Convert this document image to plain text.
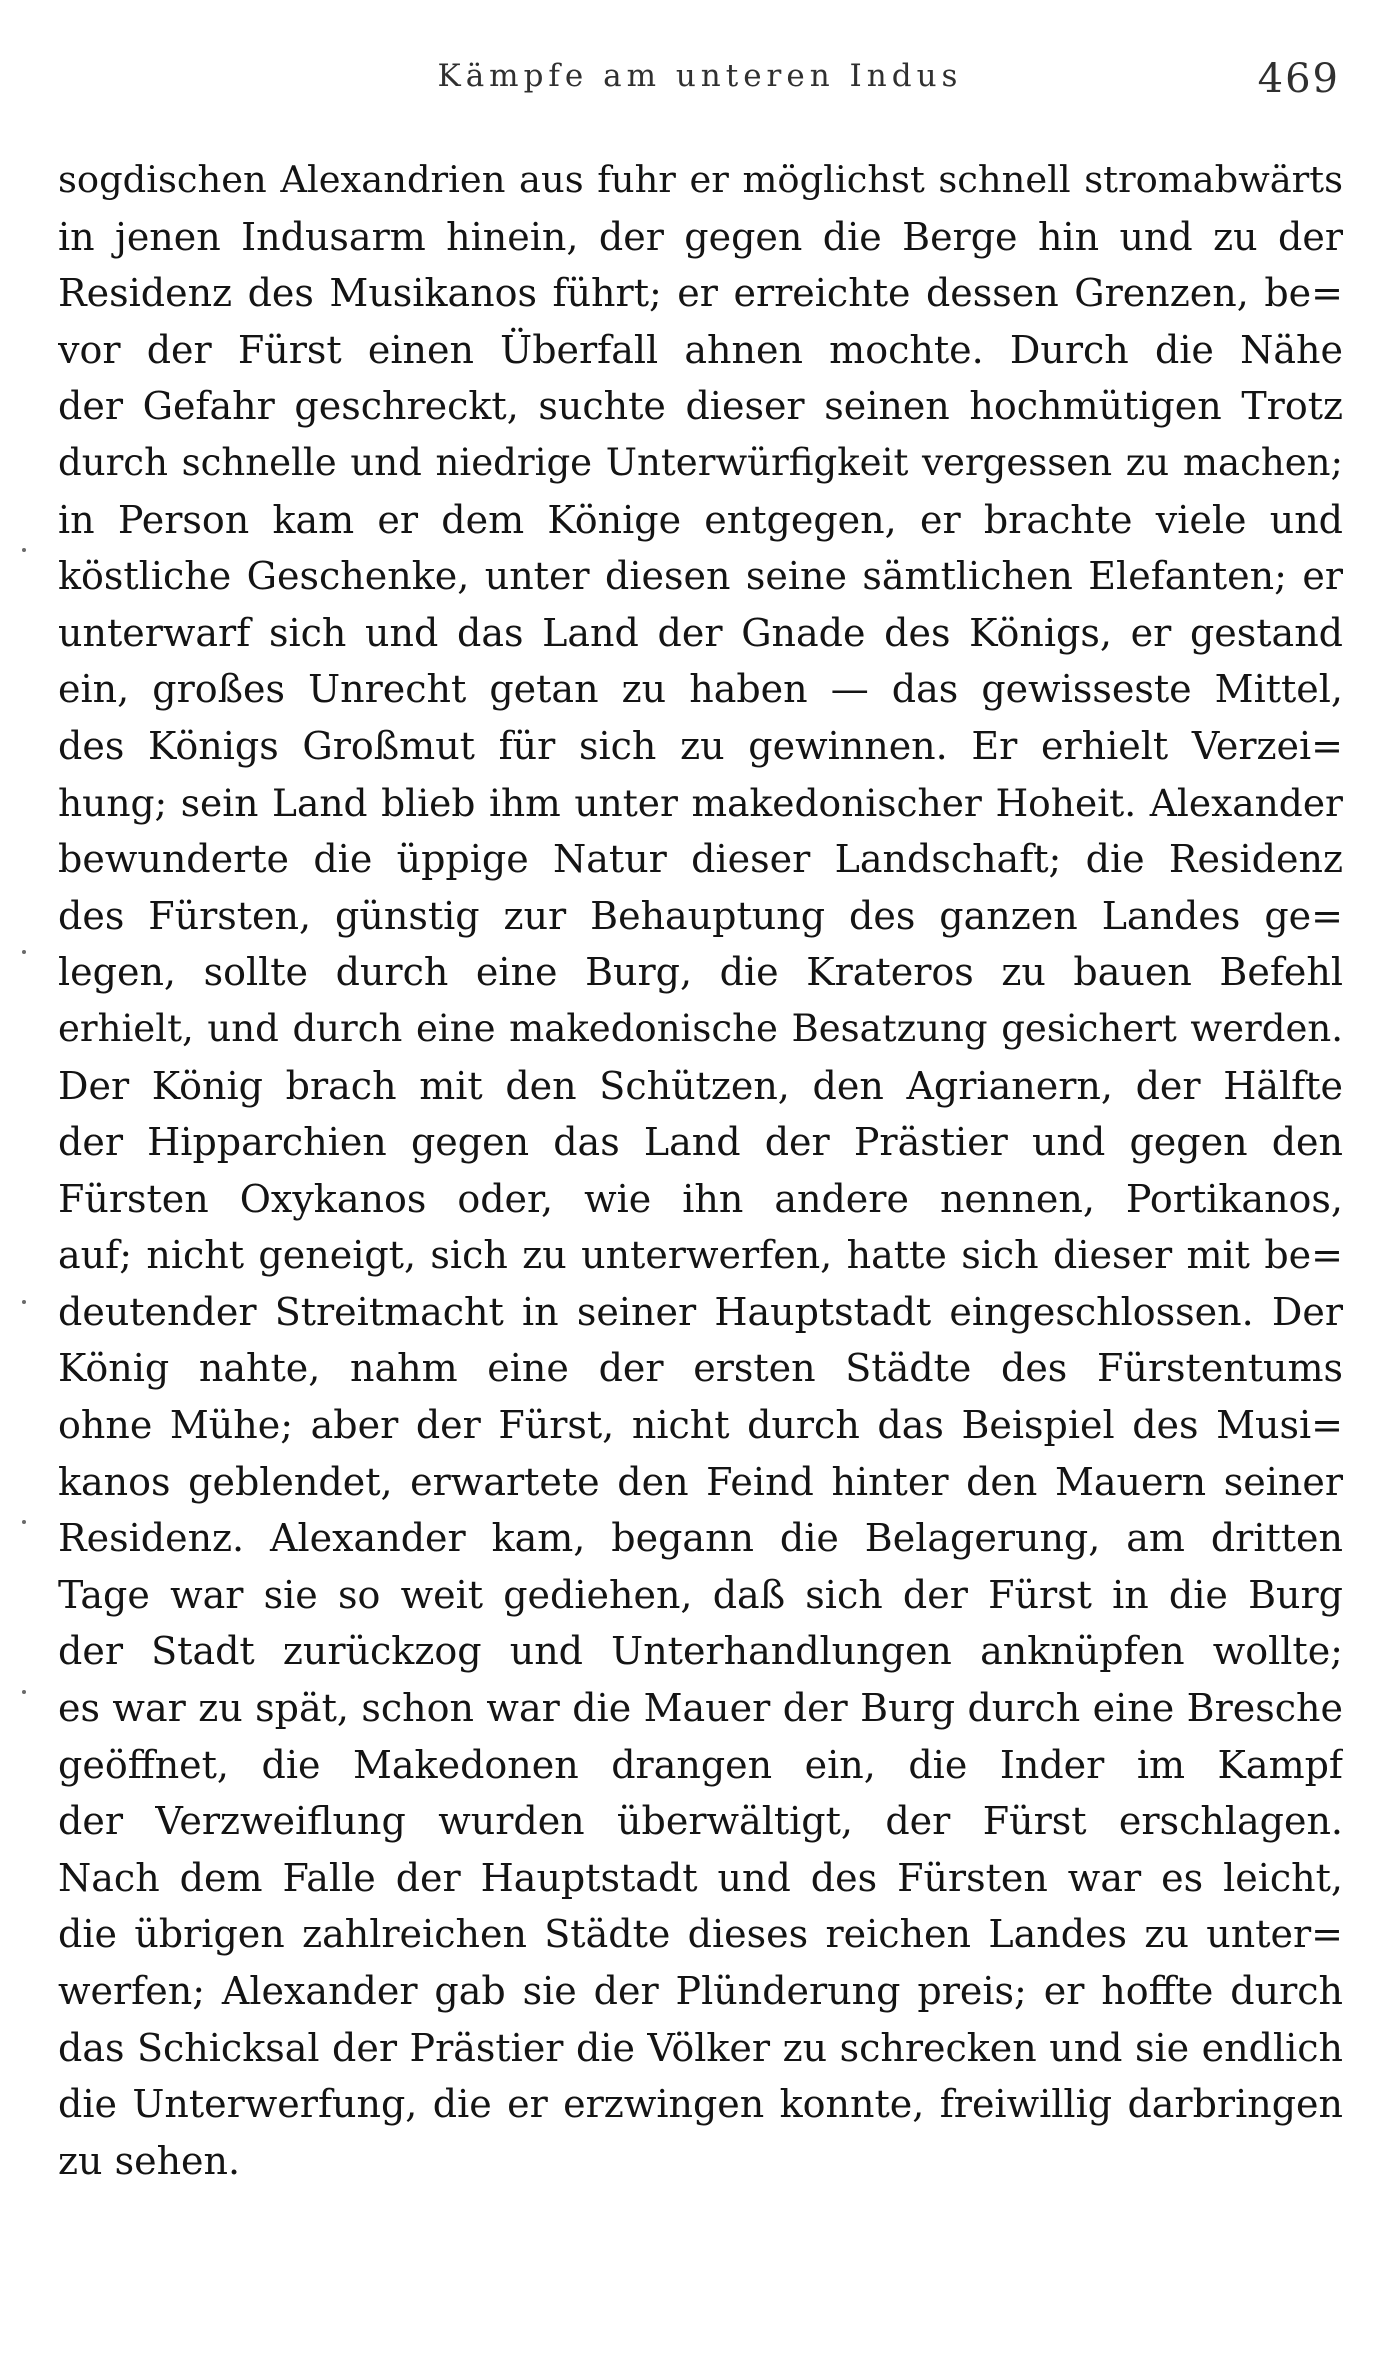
Kämpfe am unteren Indus	469
sogdischen Alexandrien aus fuhr er möglichst schnell stromabwärts
in jenen Indusarm hinein, der gegen die Berge hin und zu der
Residenz des Musikanos führt; er erreichte dessen Grenzen, be=
vor der Fürst einen Überfall ahnen mochte. Durch die Nähe
der Gefahr geschreckt, suchte dieser seinen hochmütigen Trotz
durch schnelle und niedrige Unterwürfigkeit vergessen zu machen;
in Person kam er dem Könige entgegen, er brachte viele und
köstliche Geschenke, unter diesen seine sämtlichen Elefanten; er
unterwarf sich und das Land der Gnade des Königs, er gestand
ein, großes Unrecht getan zu haben — das gewisseste Mittel,
des Königs Großmut für sich zu gewinnen. Er erhielt Verzei=
hung; sein Land blieb ihm unter makedonischer Hoheit. Alexander
bewunderte die üppige Natur dieser Landschaft; die Residenz
des Fürsten, günstig zur Behauptung des ganzen Landes ge=
legen, sollte durch eine Burg, die Krateros zu bauen Befehl
erhielt, und durch eine makedonische Besatzung gesichert werden.
Der König brach mit den Schützen, den Agrianern, der Hälfte
der Hipparchien gegen das Land der Prästier und gegen den
Fürsten Oxykanos oder, wie ihn andere nennen, Portikanos,
auf; nicht geneigt, sich zu unterwerfen, hatte sich dieser mit be=
deutender Streitmacht in seiner Hauptstadt eingeschlossen. Der
König nahte, nahm eine der ersten Städte des Fürstentums
ohne Mühe; aber der Fürst, nicht durch das Beispiel des Musi=
kanos geblendet, erwartete den Feind hinter den Mauern seiner
Residenz. Alexander kam, begann die Belagerung, am dritten
Tage war sie so weit gediehen, daß sich der Fürst in die Burg
der Stadt zurückzog und Unterhandlungen anknüpfen wollte;
es war zu spät, schon war die Mauer der Burg durch eine Bresche
geöffnet, die Makedonen drangen ein, die Inder im Kampf
der Verzweiflung wurden überwältigt, der Fürst erschlagen.
Nach dem Falle der Hauptstadt und des Fürsten war es leicht,
die übrigen zahlreichen Städte dieses reichen Landes zu unter=
werfen; Alexander gab sie der Plünderung preis; er hoffte durch
das Schicksal der Prästier die Völker zu schrecken und sie endlich
die Unterwerfung, die er erzwingen konnte, freiwillig darbringen
zu sehen.
